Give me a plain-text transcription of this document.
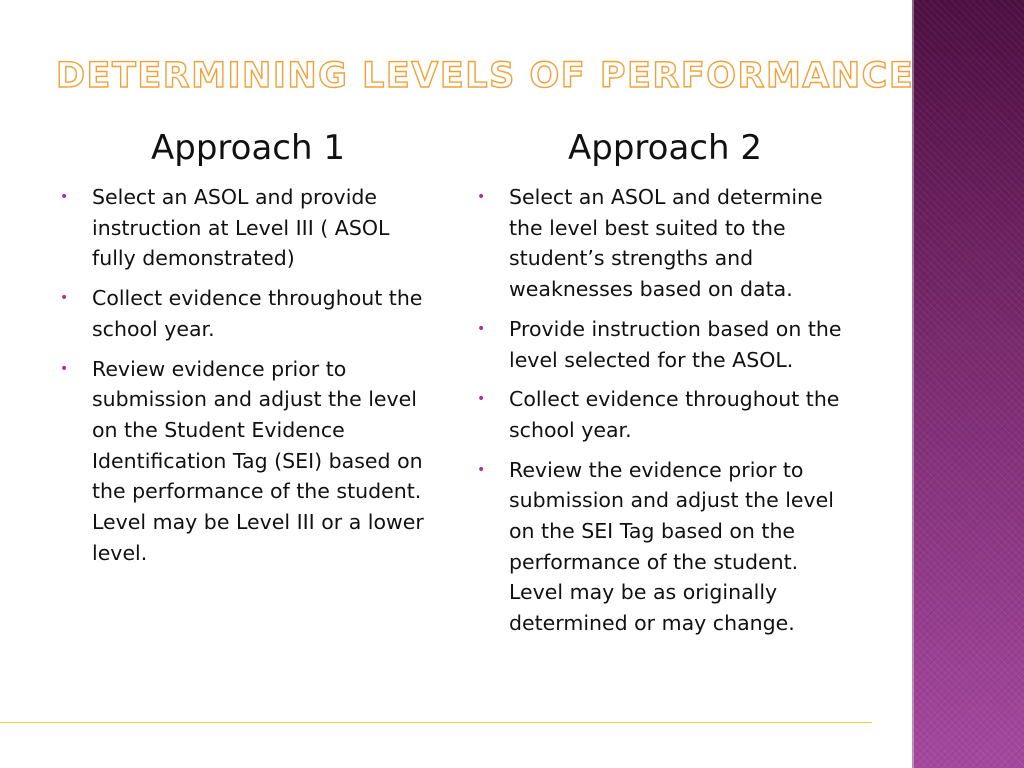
DETERMINING LEVELS OF PERFORMANCE
Approach 1	Approach 2
• Select an ASOL and provide instruction at Level III ( ASOL fully demonstrated)
• Collect evidence throughout the school year.
• Review evidence prior to submission and adjust the level on the Student Evidence Identification Tag (SEI) based on the performance of the student. Level may be Level III or a lower level.
• Select an ASOL and determine the level best suited to the student’s strengths and weaknesses based on data.
• Provide instruction based on the level selected for the ASOL.
• Collect evidence throughout the school year.
• Review the evidence prior to submission and adjust the level on the SEI Tag based on the performance of the student. Level may be as originally determined or may change.
